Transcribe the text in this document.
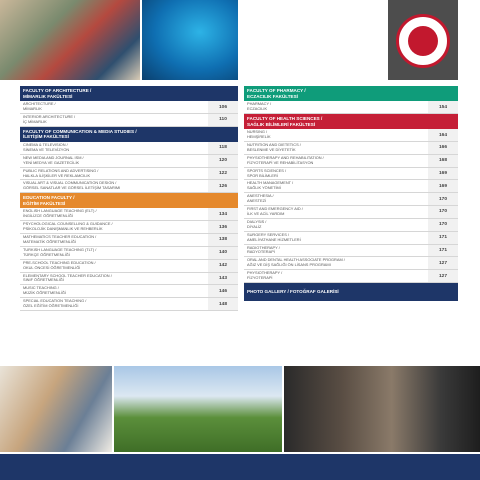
FACULTY OF ARCHITECTURE /
MİMARLIK FAKÜLTESİ
ARCHITECTURE /
MİMARLIK	106
INTERIOR ARCHITECTURE /
İÇ MİMARLIK	110
FACULTY OF COMMUNICATION & MEDIA STUDIES /
İLETİŞİM FAKÜLTESİ
CINEMA & TELEVISION /
SİNEMA VE TELEVİZYON	118
NEW MEDIA AND JOURNAL ISM /
YENİ MEDYA VE GAZETECİLİK	120
PUBLIC RELATIONS AND ADVERTISING /
HALKLA İLİŞKİLER VE REKLAMCILIK	122
VISUAL ART & VISUAL COMMUNICATION DESIGN /
GÖRSEL SANATLAR VE GÖRSEL İLETİŞİM TASARIMI	126
EDUCATION FACULTY /
EĞİTİM FAKÜLTESİ
ENGLISH LANGUAGE TEACHING (ELT) /
İNGİLİZCE ÖĞRETMENLİĞİ	134
PSYCHOLOGICAL COUNSELLING & GUIDANCE /
PSİKOLOJİK DANIŞMANLIK VE REHBERLİK	136
MATHEMATICS TEACHER EDUCATION /
MATEMATİK ÖĞRETMENLİĞİ	138
TURKISH LANGUAGE TEACHING (TLT) /
TÜRKÇE ÖĞRETMENLİĞİ	140
PRE-SCHOOL TEACHING EDUCATION /
OKUL ÖNCESİ ÖĞRETMENLİĞİ	142
ELEMENTARY SCHOOL TEACHER EDUCATION /
SINIF ÖĞRETMENLİĞİ	143
MUSIC TEACHING /
MÜZİK ÖĞRETMENLİĞİ	146
SPECIAL EDUCATION TEACHING /
ÖZEL EĞİTİM ÖĞRETMENLİĞİ	148
FACULTY OF PHARMACY /
ECZACILIK FAKÜLTESİ
PHARMACY /
ECZACILIK	154
FACULTY OF HEALTH SCIENCES /
SAĞLIK BİLİMLERİ FAKÜLTESİ
NURSING /
HEMŞİRELİK	164
NUTRITION AND DIETETICS /
BESLENME VE DİYETETİK	166
PHYSIOTHERAPY AND REHABILITATION /
FİZYOTERAPİ VE REHABİLİTASYON	168
SPORTS SCIENCES /
SPOR BİLİMLERİ	169
HEALTH MANAGEMENT /
SAĞLIK YÖNETİMİ	169
ANESTHESIA /
ANESTEZİ	170
FIRST AND EMERGENCY AID /
İLK VE ACİL YARDIM	170
DIALYSIS /
DİYALİZ	170
SURGERY SERVICES /
AMELİYATHANE HİZMETLERİ	171
RADIOTHERAPY /
RADYOTERAPİ	171
ORAL AND DENTAL HEALTH ASSOCIATE PROGRAM /
AĞIZ VE DİŞ SAĞLIĞI ÖN LİSANS PROGRAMI	127
PHYSIOTHERAPY /
FİZYOTERAPİ	127
PHOTO GALLERY / FOTOĞRAF GALERİSİ
